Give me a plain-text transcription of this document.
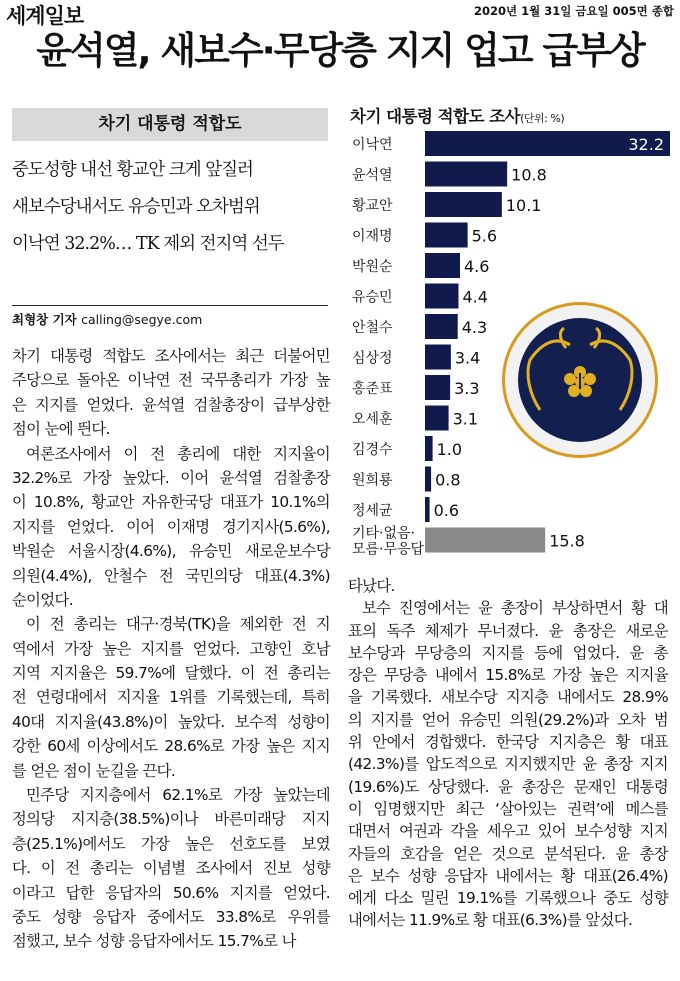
세계일보	2020년 1월 31일 금요일 005면 종합
윤석열, 새보수·무당층 지지 업고 급부상
차기 대통령 적합도
중도성향 내선 황교안 크게 앞질러
새보수당내서도 유승민과 오차범위
이낙연 32.2%… TK 제외 전지역 선두
최형창 기자 calling@segye.com
차기 대통령 적합도 조사에서는 최근 더불어민
주당으로 돌아온 이낙연 전 국무총리가 가장 높
은 지지를 얻었다. 윤석열 검찰총장이 급부상한
점이 눈에 띈다.
여론조사에서 이 전 총리에 대한 지지율이
32.2%로 가장 높았다. 이어 윤석열 검찰총장
이 10.8%, 황교안 자유한국당 대표가 10.1%의
지지를 얻었다. 이어 이재명 경기지사(5.6%),
박원순 서울시장(4.6%), 유승민 새로운보수당
의원(4.4%), 안철수 전 국민의당 대표(4.3%)
순이었다.
이 전 총리는 대구·경북(TK)을 제외한 전 지
역에서 가장 높은 지지를 얻었다. 고향인 호남
지역 지지율은 59.7%에 달했다. 이 전 총리는
전 연령대에서 지지율 1위를 기록했는데, 특히
40대 지지율(43.8%)이 높았다. 보수적 성향이
강한 60세 이상에서도 28.6%로 가장 높은 지지
를 얻은 점이 눈길을 끈다.
민주당 지지층에서 62.1%로 가장 높았는데
정의당 지지층(38.5%)이나 바른미래당 지지
층(25.1%)에서도 가장 높은 선호도를 보였
다. 이 전 총리는 이념별 조사에서 진보 성향
이라고 답한 응답자의 50.6% 지지를 얻었다.
중도 성향 응답자 중에서도 33.8%로 우위를
점했고, 보수 성향 응답자에서도 15.7%로 나
타났다.
보수 진영에서는 윤 총장이 부상하면서 황 대
표의 독주 체제가 무너졌다. 윤 총장은 새로운
보수당과 무당층의 지지를 등에 업었다. 윤 총
장은 무당층 내에서 15.8%로 가장 높은 지지율
을 기록했다. 새보수당 지지층 내에서도 28.9%
의 지지를 얻어 유승민 의원(29.2%)과 오차 범
위 안에서 경합했다. 한국당 지지층은 황 대표
(42.3%)를 압도적으로 지지했지만 윤 총장 지지
(19.6%)도 상당했다. 윤 총장은 문재인 대통령
이 임명했지만 최근 ‘살아있는 권력’에 메스를
대면서 여권과 각을 세우고 있어 보수성향 지지
자들의 호감을 얻은 것으로 분석된다. 윤 총장
은 보수 성향 응답자 내에서는 황 대표(26.4%)
에게 다소 밀린 19.1%를 기록했으나 중도 성향
내에서는 11.9%로 황 대표(6.3%)를 앞섰다.
차기 대통령 적합도 조사(단위: %)
이낙연	32.2
윤석열	10.8
황교안	10.1
이재명	5.6
박원순	4.6
유승민	4.4
안철수	4.3
심상정	3.4
홍준표	3.3
오세훈	3.1
김경수	1.0
원희룡	0.8
정세균	0.6
기타·없음· 모름·무응답	15.8
